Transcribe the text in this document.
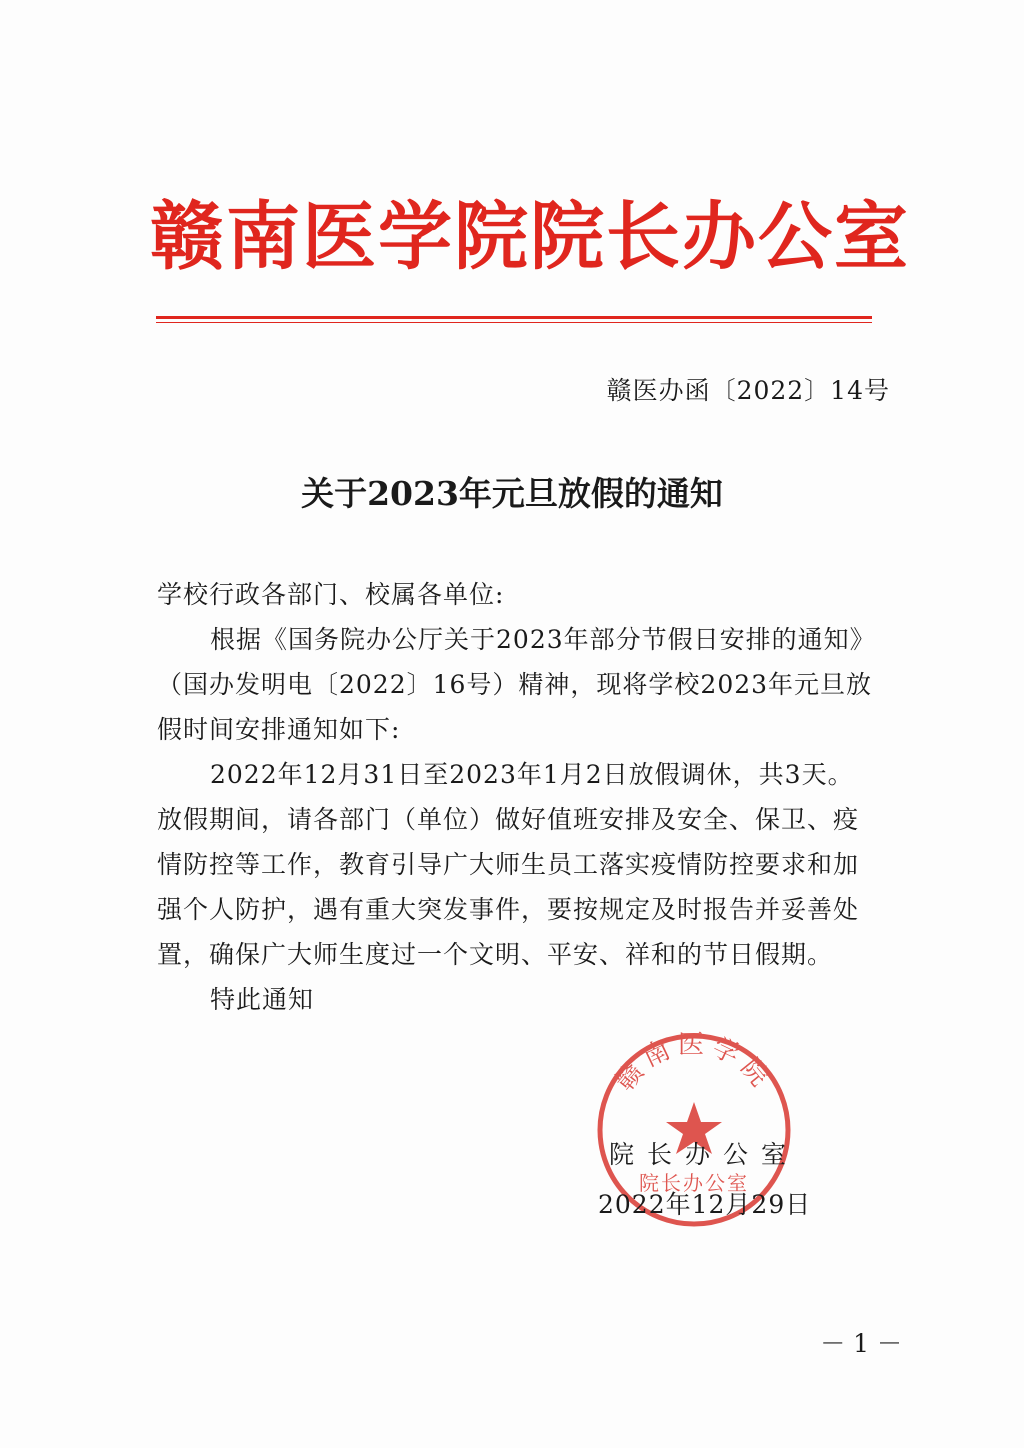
赣南医学院院长办公室
赣医办函〔2022〕14号
关于2023年元旦放假的通知
学校行政各部门、校属各单位:
根据《国务院办公厅关于2023年部分节假日安排的通知》
（国办发明电〔2022〕16号）精神，现将学校2023年元旦放
假时间安排通知如下:
2022年12月31日至2023年1月2日放假调休，共3天。
放假期间，请各部门（单位）做好值班安排及安全、保卫、疫
情防控等工作，教育引导广大师生员工落实疫情防控要求和加
强个人防护，遇有重大突发事件，要按规定及时报告并妥善处
置，确保广大师生度过一个文明、平安、祥和的节日假期。
特此通知
赣南医学院
院长办公室
院长办公室
2022年12月29日
－ 1 －
